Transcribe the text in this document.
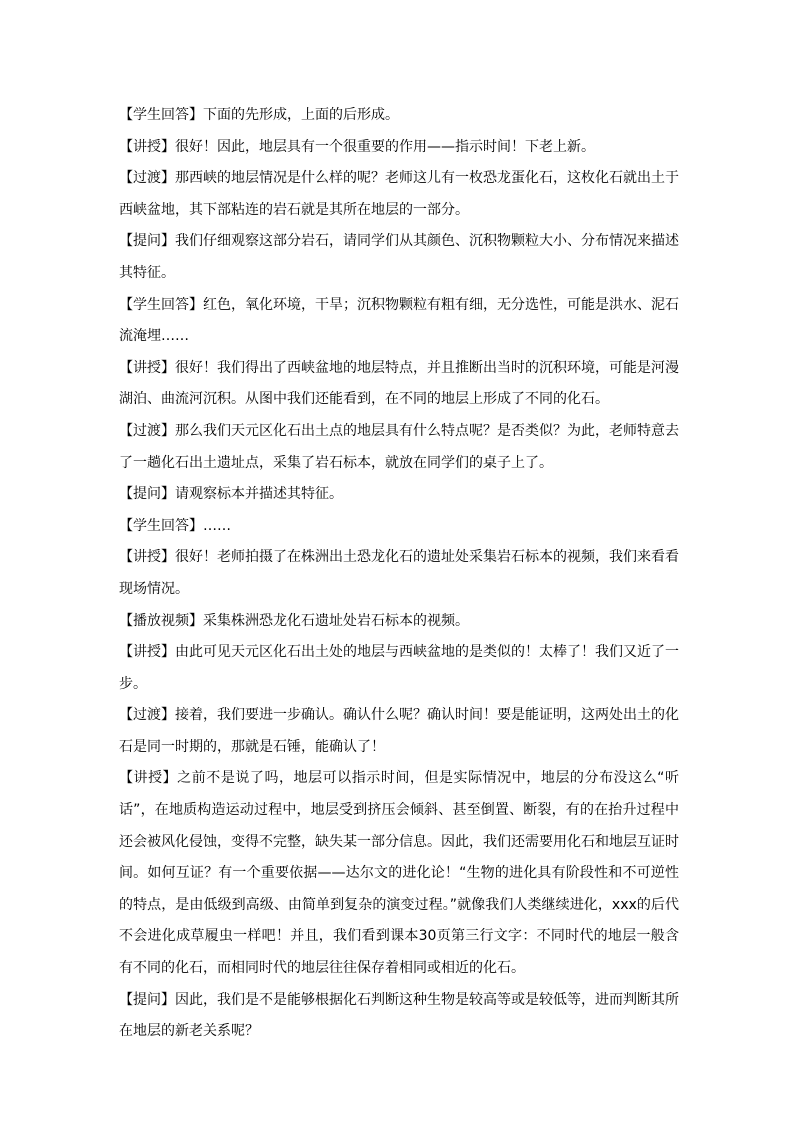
【学生回答】下面的先形成，上面的后形成。

【讲授】很好！因此，地层具有一个很重要的作用——指示时间！下老上新。

【过渡】那西峡的地层情况是什么样的呢？老师这儿有一枚恐龙蛋化石，这枚化石就出土于西峡盆地，其下部粘连的岩石就是其所在地层的一部分。

【提问】我们仔细观察这部分岩石，请同学们从其颜色、沉积物颗粒大小、分布情况来描述其特征。

【学生回答】红色，氧化环境，干旱；沉积物颗粒有粗有细，无分选性，可能是洪水、泥石流淹埋……

【讲授】很好！我们得出了西峡盆地的地层特点，并且推断出当时的沉积环境，可能是河漫湖泊、曲流河沉积。从图中我们还能看到，在不同的地层上形成了不同的化石。

【过渡】那么我们天元区化石出土点的地层具有什么特点呢？是否类似？为此，老师特意去了一趟化石出土遗址点，采集了岩石标本，就放在同学们的桌子上了。

【提问】请观察标本并描述其特征。

【学生回答】……

【讲授】很好！老师拍摄了在株洲出土恐龙化石的遗址处采集岩石标本的视频，我们来看看现场情况。

【播放视频】采集株洲恐龙化石遗址处岩石标本的视频。

【讲授】由此可见天元区化石出土处的地层与西峡盆地的是类似的！太棒了！我们又近了一步。

【过渡】接着，我们要进一步确认。确认什么呢？确认时间！要是能证明，这两处出土的化石是同一时期的，那就是石锤，能确认了！

【讲授】之前不是说了吗，地层可以指示时间，但是实际情况中，地层的分布没这么“听话”，在地质构造运动过程中，地层受到挤压会倾斜、甚至倒置、断裂，有的在抬升过程中还会被风化侵蚀，变得不完整，缺失某一部分信息。因此，我们还需要用化石和地层互证时间。如何互证？有一个重要依据——达尔文的进化论！“生物的进化具有阶段性和不可逆性的特点，是由低级到高级、由简单到复杂的演变过程。”就像我们人类继续进化，xxx的后代不会进化成草履虫一样吧！并且，我们看到课本30页第三行文字：不同时代的地层一般含有不同的化石，而相同时代的地层往往保存着相同或相近的化石。

【提问】因此，我们是不是能够根据化石判断这种生物是较高等或是较低等，进而判断其所在地层的新老关系呢？
